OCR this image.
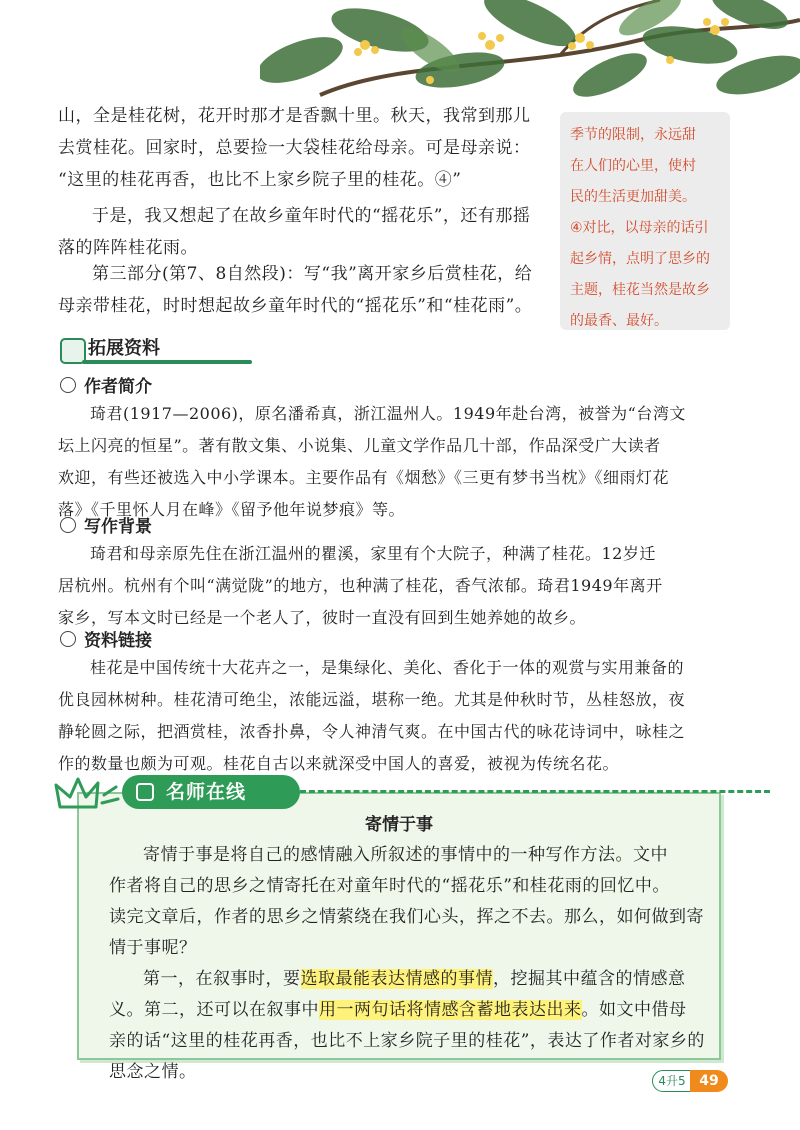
山，全是桂花树，花开时那才是香飘十里。秋天，我常到那儿
去赏桂花。回家时，总要捡一大袋桂花给母亲。可是母亲说：
“这里的桂花再香，也比不上家乡院子里的桂花。④”
于是，我又想起了在故乡童年时代的“摇花乐”，还有那摇
落的阵阵桂花雨。
第三部分(第7、8自然段)：写“我”离开家乡后赏桂花，给
母亲带桂花，时时想起故乡童年时代的“摇花乐”和“桂花雨”。
季节的限制，永远甜
在人们的心里，使村
民的生活更加甜美。
④对比，以母亲的话引
起乡情，点明了思乡的
主题，桂花当然是故乡
的最香、最好。
拓展资料
作者简介
琦君(1917—2006)，原名潘希真，浙江温州人。1949年赴台湾，被誉为“台湾文
坛上闪亮的恒星”。著有散文集、小说集、儿童文学作品几十部，作品深受广大读者
欢迎，有些还被选入中小学课本。主要作品有《烟愁》《三更有梦书当枕》《细雨灯花
落》《千里怀人月在峰》《留予他年说梦痕》等。
写作背景
琦君和母亲原先住在浙江温州的瞿溪，家里有个大院子，种满了桂花。12岁迁
居杭州。杭州有个叫“满觉陇”的地方，也种满了桂花，香气浓郁。琦君1949年离开
家乡，写本文时已经是一个老人了，彼时一直没有回到生她养她的故乡。
资料链接
桂花是中国传统十大花卉之一，是集绿化、美化、香化于一体的观赏与实用兼备的
优良园林树种。桂花清可绝尘，浓能远溢，堪称一绝。尤其是仲秋时节，丛桂怒放，夜
静轮圆之际，把酒赏桂，浓香扑鼻，令人神清气爽。在中国古代的咏花诗词中，咏桂之
作的数量也颇为可观。桂花自古以来就深受中国人的喜爱，被视为传统名花。
寄情于事
寄情于事是将自己的感情融入所叙述的事情中的一种写作方法。文中
作者将自己的思乡之情寄托在对童年时代的“摇花乐”和桂花雨的回忆中。
读完文章后，作者的思乡之情萦绕在我们心头，挥之不去。那么，如何做到寄
情于事呢？
第一，在叙事时，要选取最能表达情感的事情，挖掘其中蕴含的情感意
义。第二，还可以在叙事中用一两句话将情感含蓄地表达出来。如文中借母
亲的话“这里的桂花再香，也比不上家乡院子里的桂花”，表达了作者对家乡的
思念之情。
名师在线
4升5 49
